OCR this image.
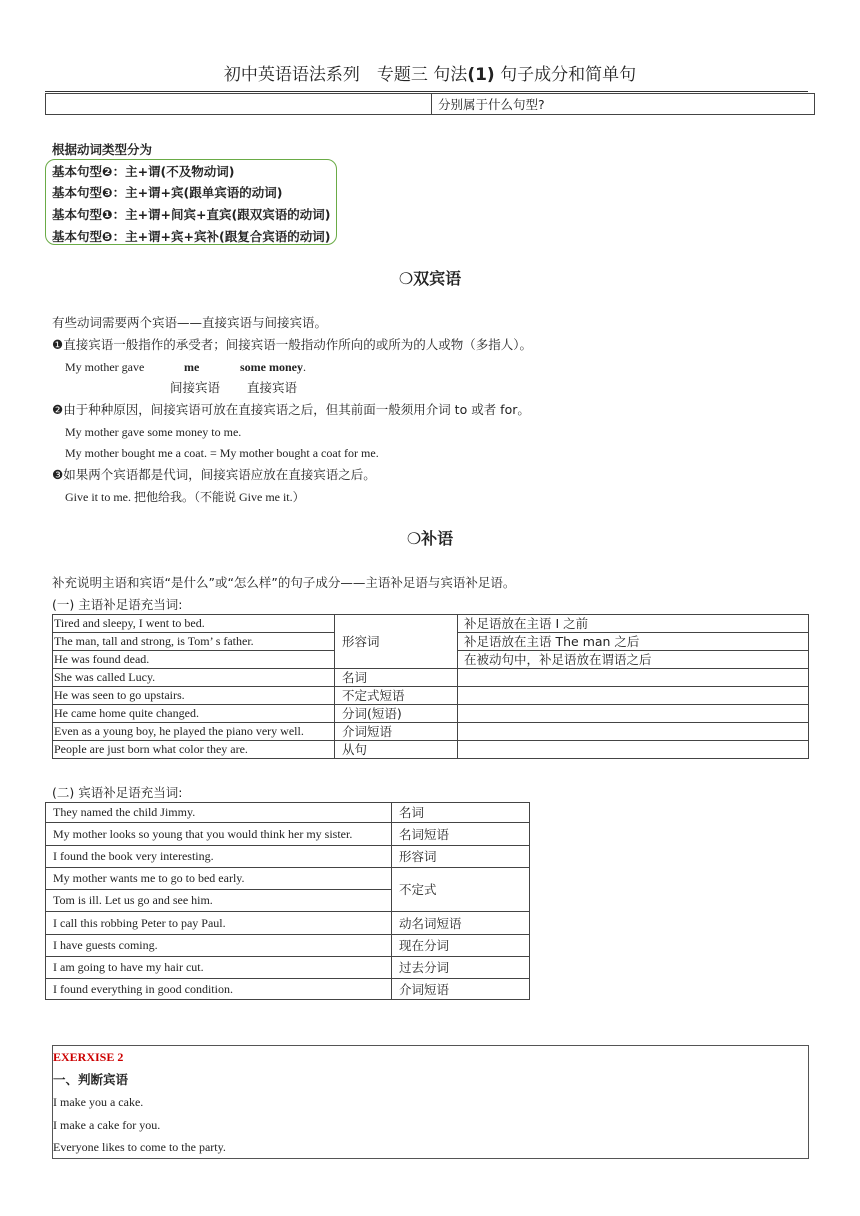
初中英语语法系列　专题三 句法(1) 句子成分和简单句
分别属于什么句型?
根据动词类型分为
基本句型❷：主+谓(不及物动词)
基本句型❸：主+谓+宾(跟单宾语的动词)
基本句型❶：主+谓+间宾+直宾(跟双宾语的动词)
基本句型❺：主+谓+宾+宾补(跟复合宾语的动词)
❍双宾语
有些动词需要两个宾语——直接宾语与间接宾语。
❶直接宾语一般指作的承受者；间接宾语一般指动作所向的或所为的人或物（多指人）。
My mother gave	me	some money.
间接宾语 直接宾语
❷由于种种原因，间接宾语可放在直接宾语之后，但其前面一般须用介词 to 或者 for。
My mother gave some money to me.
My mother bought me a coat. = My mother bought a coat for me.
❸如果两个宾语都是代词，间接宾语应放在直接宾语之后。
Give it to me. 把他给我。（不能说 Give me it.）
❍补语
补充说明主语和宾语“是什么”或“怎么样”的句子成分——主语补足语与宾语补足语。
(一) 主语补足语充当词:
Tired and sleepy, I went to bed.	形容词	补足语放在主语 I 之前
The man, tall and strong, is Tom’ s father.		补足语放在主语 The man 之后
He was found dead.		在被动句中，补足语放在谓语之后
She was called Lucy.	名词	
He was seen to go upstairs.	不定式短语	
He came home quite changed.	分词(短语)	
Even as a young boy, he played the piano very well.	介词短语	
People are just born what color they are.	从句	
(二) 宾语补足语充当词:
They named the child Jimmy.	名词
My mother looks so young that you would think her my sister.	名词短语
I found the book very interesting.	形容词
My mother wants me to go to bed early.	不定式
Tom is ill. Let us go and see him.	
I call this robbing Peter to pay Paul.	动名词短语
I have guests coming.	现在分词
I am going to have my hair cut.	过去分词
I found everything in good condition.	介词短语
EXERXISE 2
一、判断宾语
I make you a cake.
I make a cake for you.
Everyone likes to come to the party.
